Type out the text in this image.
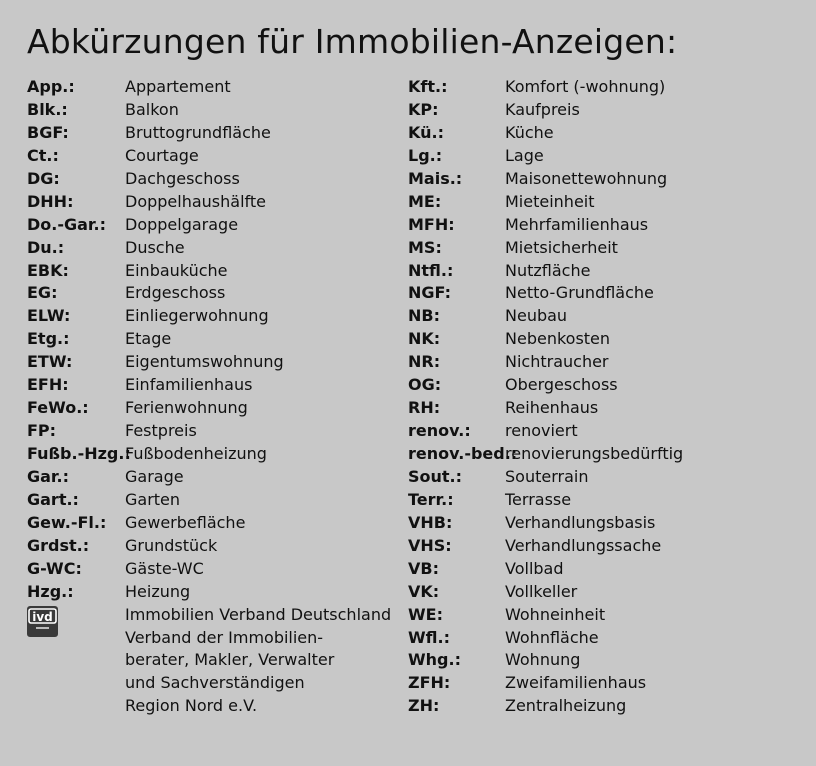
Abkürzungen für Immobilien-Anzeigen:
App.:	Appartement
Blk.:	Balkon
BGF:	Bruttogrundfläche
Ct.:	Courtage
DG:	Dachgeschoss
DHH:	Doppelhaushälfte
Do.-Gar.: Doppelgarage
Du.:	Dusche
EBK:	Einbauküche
EG:	Erdgeschoss
ELW:	Einliegerwohnung
Etg.:	Etage
ETW:	Eigentumswohnung
EFH:	Einfamilienhaus
FeWo.: Ferienwohnung
FP:	Festpreis
Fußb.-Hzg.:
Fußbodenheizung
Gar.:	Garage
Gart.:	Garten
Gew.-Fl.: Gewerbefläche
Grdst.: Grundstück
G-WC:	Gäste-WC
Hzg.:	Heizung
ivd	Immobilien Verband Deutschland
Verband der Immobilien-
berater, Makler, Verwalter
und Sachverständigen
Region Nord e.V.
Kft.:	Komfort (-wohnung)
KP:	Kaufpreis
Kü.:	Küche
Lg.:	Lage
Mais.:	Maisonettewohnung
ME:	Mieteinheit
MFH:	Mehrfamilienhaus
MS:	Mietsicherheit
Ntfl.:	Nutzfläche
NGF:	Netto-Grundfläche
NB:	Neubau
NK:	Nebenkosten
NR:	Nichtraucher
OG:	Obergeschoss
RH:	Reihenhaus
renov.: renoviert
renov.-bed.:
renovierungsbedürftig
Sout.:	Souterrain
Terr.:	Terrasse
VHB:	Verhandlungsbasis
VHS:	Verhandlungssache
VB:	Vollbad
VK:	Vollkeller
WE:	Wohneinheit
Wfl.:	Wohnfläche
Whg.:	Wohnung
ZFH:	Zweifamilienhaus
ZH:	Zentralheizung
